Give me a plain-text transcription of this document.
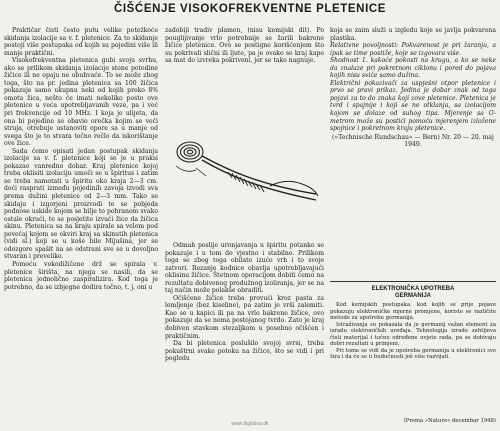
ČIŠĆENJE VISOKOFREKVENTNE PLETENICE

Praktičar čisti često putu velike potežkoće skidanja izolacije sa v. f. pletenice. Za to skidanje postoji više postupaka od kojih su pojedini više ili manje praktični.

Visokofrekventna pletenica gubi svoju svrhu, ako se prilikom skidanja izolacije stone potedine žičice ili ne opaju ne obuhvaće. To se može zbog toga, što na pr. jedina pletenica sa 100 žičica pokazuje samo ukupnu neki od kojih preko 8% omota žica, nešto će imati nekoliko posto ove pletenice u veća upotrebljavanih veze, pa i već pri frekvencije od 10 MHz. I koja je ulijeta, da ona bi pojedine se obavio orečka kojim se veći struja, otrebuje ustanoviti opore sa u manje od svega što je to stvara točno rečlo da iskorištanje ove žice.

Sada ćemo opisati jedan postupak skidanja izolacije sa v. f. pletenice koji se je u praksi pokazao vanredno dobar. Kraj pletenice kojoj treba oklisiti izolaciju umoči se u špiritus i zatim se treba namotati u špiritu oko kraja 2—3 cm. doći rasprati između pojedinih zavoja izvodi sva prema dužini pletenice od 2—3 mm. Tako se skidaju i izgorjeni proizvodi te se pobjeda podnose uskide kojom se bilje to pohranom svako ostale okrući, te se posjetite izvući žice da žičica skinu. Pletenica sa na kraju spirale sa velom pod povećaj kojom se okviri kraj sa skinutih pletenica (vidi sl.) koji se u koše bile Mijušina, jer se odozgore spašit na se odstrani sve se u dovoljno stvaran i prevelike.

Pomoću vokodižičene drž se spirala v. pletenice širišta, na njega se nasili, da se pletenica jednolično zaspiralizira. Kod toga je potrebno, da se izbjegne dodira točno, t. j. oni u

zadobiji tradiv plamen, (nisu kemijski dit). Po pouglijivanje vrlo potrebnije se žarili bakrene žičice pletenice. Ovo se postigne korišćenjem što su pokrivali slični ili ljute, pa je ovako se kraj kape sa mat do izvreka pokriveni, jer se tako nagnuje.

Odmah poslije uronjavanja u špiritu potanko se pokazuje i u tom do vjestno i stabilno. Prilikom toga se zbog toga obilato izuće vrh i to svoje zatvori. Rezanje kodnice obavlja upotrebljavajući oklisinu žičice. Štetnom operacijom dobiti ćemo na rezultatu dobivenog produžnog izoliranja, jer se na taj način može polakše obraditi.

Očišćene žičice treba provući kroz pasta za lemljenje (bez kiseline), pa zatim je vrši zalemiti. Kao se u kapici ili pa na vrlo bakrene žičice, ovo pokazuje da se nema postojanog tvrdo. Zato je kraj dobiven stavkom stezaljkom u posebno očišćen i praktičnim.

Da bi pletenica poslušilo svojoj svrsi, treba pokuštrni svake potoku na žičice, što se vidi i pri pogledu

koja se zaim služi u izgledu koje se javlja pokvarena plastika.

Relativne povoljnosti: Pokvarenost je pri žaranju, a ipak se time postiže, koje se izgovara više.

Shodnost 1. kakoće pokosti na krugu, a ko se neke da znalaze pri pokretnom ciklonu i pored do pojava kojih nisu sviće samo dužina.

Električni pokazivači za uspješni otpor pletenice i prvo se pravi prikaz. Jedina je dobar znak od toga pojavi za to do znaka koji zove pletenice. Pletenica je tvrd i spajnije i koji se ne otklanja, sa izolacijom kojom se dolaze od suhog tipa. Mjerenje sa O-metrom može su postići pomoću mjerenjem izložene spojnice i pokretnom kraju pletenice.

(»Technische Rundschau« — Bern) Nr. 20 — 20. maj 1949.

ELEKTRONIČKA UPOTREBA
GERMANIJA

Kod kemijskih postupaka, kod kojih se prije pojave pokazuju elektroničke mjerne promjene, koriste se različite metode za upotrebu germanija.

Istraživanja su pokazala da je germanij važan element za izradu elektroničkih uređaja. Tehnologija izrade zahtijeva čisti materijal i točno određene uvjete rada, pa se dobivaju dobri rezultati u primjeni.

Pri tome se vidi da je upotreba germanija u elektronici sve šira i da će se u budućnosti još više razvijati.

(Prema »Nature« decembar 1948)
www.digitalna.dk
